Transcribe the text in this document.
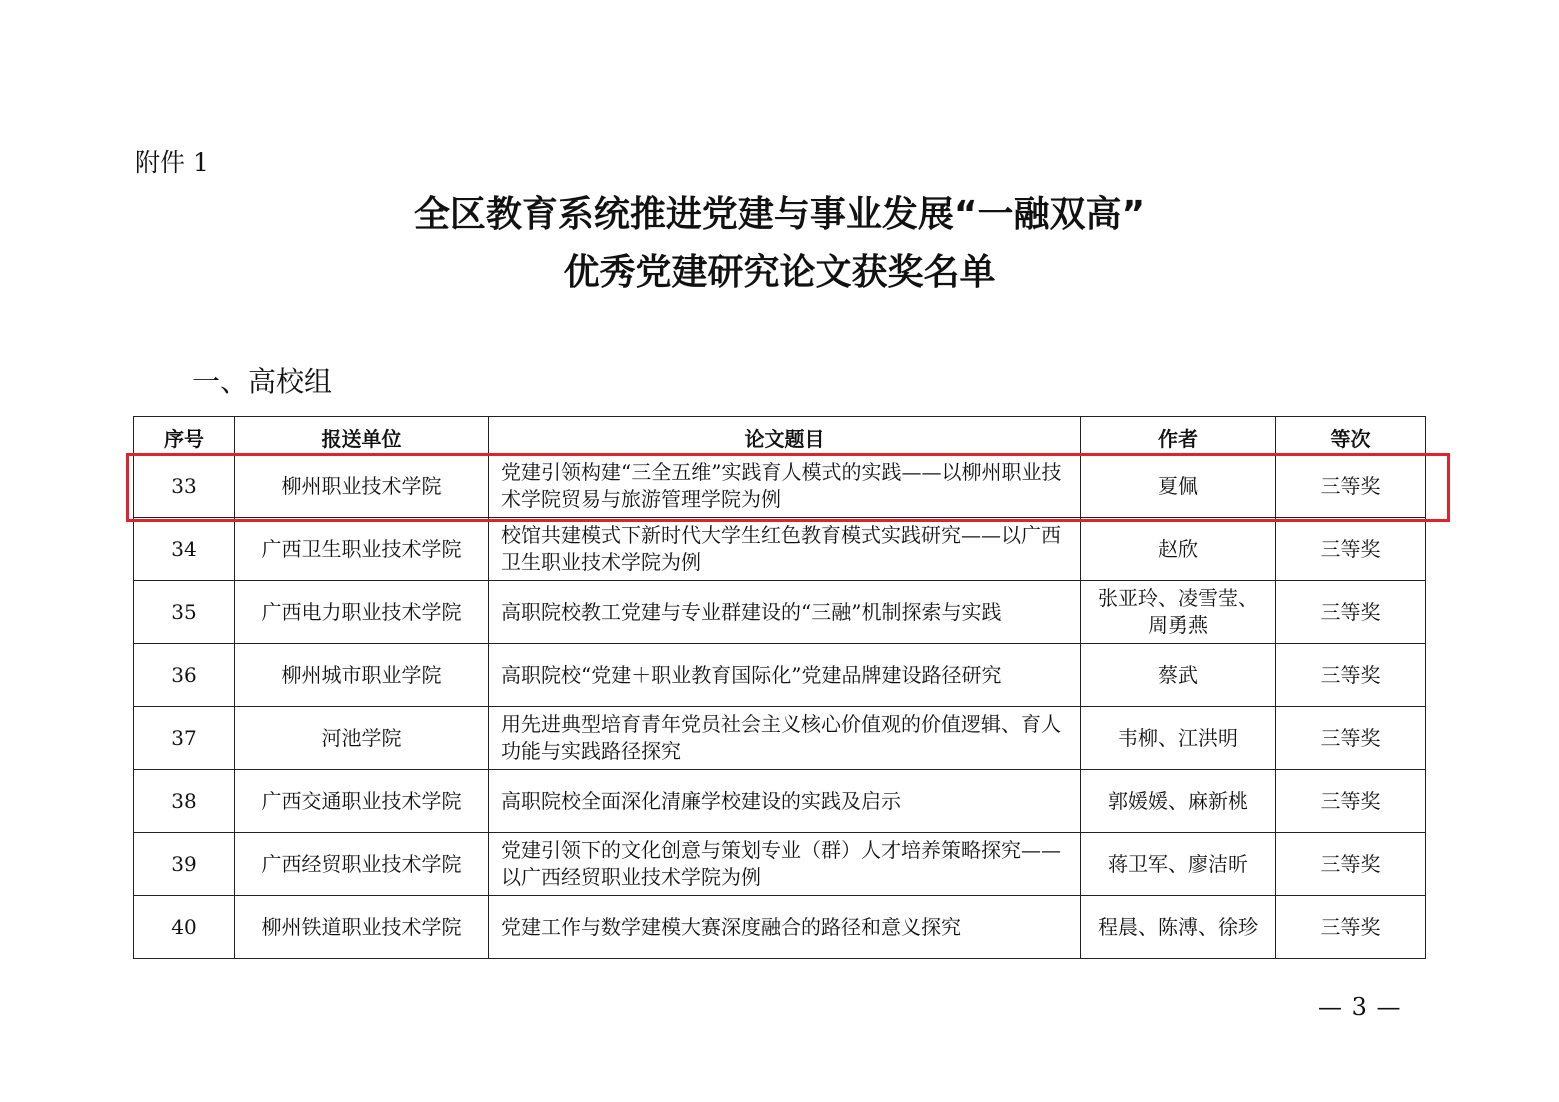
附件 1
全区教育系统推进党建与事业发展“一融双高”
优秀党建研究论文获奖名单
一、高校组
序号	报送单位	论文题目	作者	等次
33	柳州职业技术学院	党建引领构建“三全五维”实践育人模式的实践——以柳州职业技术学院贸易与旅游管理学院为例	夏佩	三等奖
34	广西卫生职业技术学院	校馆共建模式下新时代大学生红色教育模式实践研究——以广西卫生职业技术学院为例	赵欣	三等奖
35	广西电力职业技术学院	高职院校教工党建与专业群建设的“三融”机制探索与实践	张亚玲、凌雪莹、周勇燕	三等奖
36	柳州城市职业学院	高职院校“党建＋职业教育国际化”党建品牌建设路径研究	蔡武	三等奖
37	河池学院	用先进典型培育青年党员社会主义核心价值观的价值逻辑、育人功能与实践路径探究	韦柳、江洪明	三等奖
38	广西交通职业技术学院	高职院校全面深化清廉学校建设的实践及启示	郭媛媛、麻新桃	三等奖
39	广西经贸职业技术学院	党建引领下的文化创意与策划专业（群）人才培养策略探究——以广西经贸职业技术学院为例	蒋卫军、廖洁昕	三等奖
40	柳州铁道职业技术学院	党建工作与数学建模大赛深度融合的路径和意义探究	程晨、陈溥、徐珍	三等奖
— 3 —
